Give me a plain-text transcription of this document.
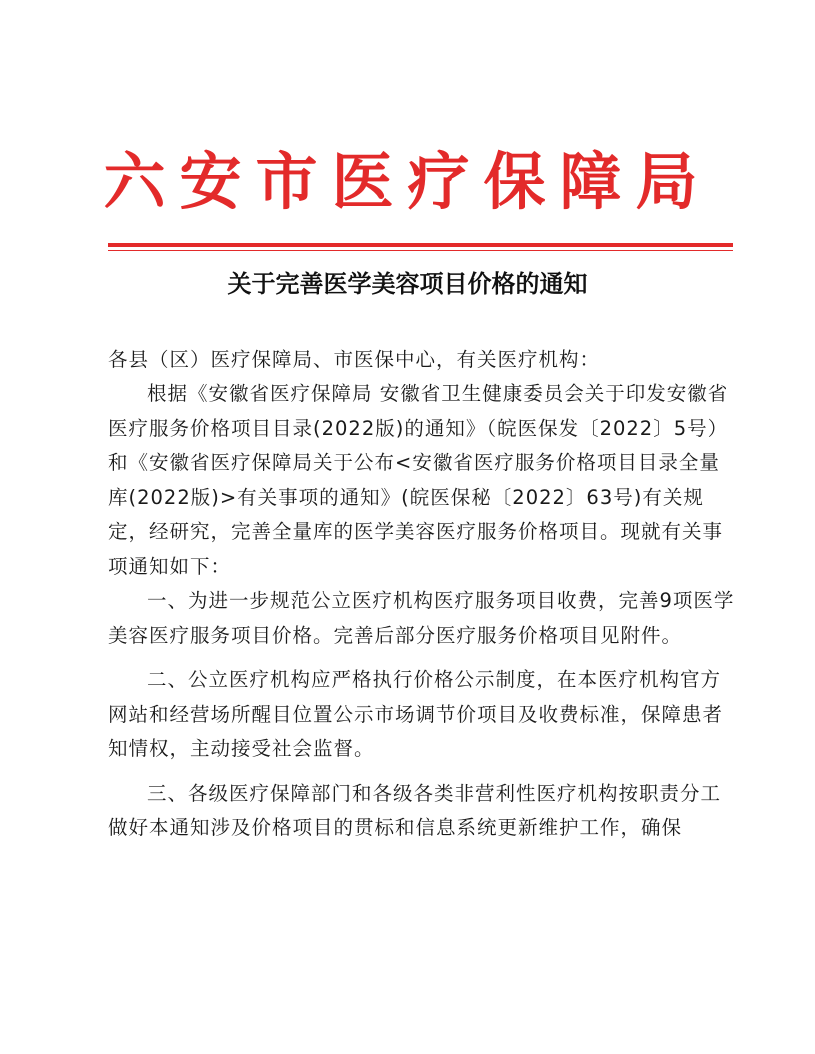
六安市医疗保障局
关于完善医学美容项目价格的通知

各县（区）医疗保障局、市医保中心，有关医疗机构：

根据《安徽省医疗保障局 安徽省卫生健康委员会关于印发安徽省医疗服务价格项目目录(2022版)的通知》（皖医保发〔2022〕5号）和《安徽省医疗保障局关于公布<安徽省医疗服务价格项目目录全量库(2022版)>有关事项的通知》(皖医保秘〔2022〕63号)有关规定，经研究，完善全量库的医学美容医疗服务价格项目。现就有关事项通知如下：

一、为进一步规范公立医疗机构医疗服务项目收费，完善9项医学美容医疗服务项目价格。完善后部分医疗服务价格项目见附件。

二、公立医疗机构应严格执行价格公示制度，在本医疗机构官方网站和经营场所醒目位置公示市场调节价项目及收费标准，保障患者知情权，主动接受社会监督。

三、各级医疗保障部门和各级各类非营利性医疗机构按职责分工做好本通知涉及价格项目的贯标和信息系统更新维护工作，确保
